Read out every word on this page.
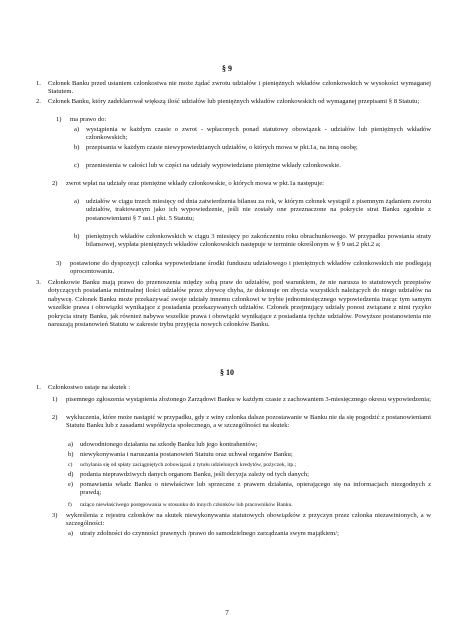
§ 9
1.	Członek Banku przed ustaniem członkostwa nie może żądać zwrotu udziałów i pieniężnych wkładów członkowskich w wysokości wymaganej Statutem.
2.	Członek Banku, który zadeklarował większą ilość udziałów lub pieniężnych wkładów członkowskich od wymaganej przepisami § 8 Statutu;
1)	ma prawo do:
a)	wystąpienia w każdym czasie o zwrot - wpłaconych ponad statutowy obowiązek - udziałów lub pieniężnych wkładów członkowskich;
b) przepisania w każdym czasie niewypowiedzianych udziałów, o których mowa w pkt.1a, na inną osobę;
c)	przeniesienia w całości lub w części na udziały wypowiedziane pieniężne wkłady członkowskie.
2)	zwrot wpłat na udziały oraz pieniężne wkłady członkowskie, o których mowa w pkt.1a następuje:
a)	udziałów w ciągu trzech miesięcy od dnia zatwierdzenia bilansu za rok, w którym członek wystąpił z pisemnym żądaniem zwrotu udziałów, traktowanym jako ich wypowiedzenie, jeśli nie zostały one przeznaczone na pokrycie strat Banku zgodnie z postanowieniami § 7 ust.1 pkt. 5 Statutu;
b) pieniężnych wkładów członkowskich w ciągu 3 miesięcy po zakończeniu roku obrachunkowego. W przypadku powstania straty bilansowej, wypłata pieniężnych wkładów członkowskich następuje w terminie określonym w § 9 ust.2 pkt.2 a;
3)	postawione do dyspozycji członka wypowiedziane środki funduszu udziałowego i pieniężnych wkładów członkowskich nie podlegają oprocentowaniu.
3.	Członkowie Banku mają prawo do przenoszenia między sobą praw do udziałów, pod warunkiem, że nie narusza to statutowych przepisów dotyczących posiadania minimalnej ilości udziałów przez zbywcę chyba, że dokonuje on zbycia wszystkich należących do niego udziałów na nabywcę. Członek Banku może przekazywać swoje udziały innemu członkowi w trybie jednomiesięcznego wypowiedzenia tracąc tym samym wszelkie prawa i obowiązki wynikające z posiadania przekazywanych udziałów. Członek przejmujący udziały ponosi związane z nimi ryzyko pokrycia straty Banku, jak również nabywa wszelkie prawa i obowiązki wynikające z posiadania tychże udziałów. Powyższe postanowienia nie naruszają postanowień Statutu w zakresie trybu przyjęcia nowych członków Banku.
§ 10
1.	Członkostwo ustaje na skutek :
1)	pisemnego zgłoszenia wystąpienia złożonego Zarządowi Banku w każdym czasie z zachowaniem 3-miesięcznego okresu wypowiedzenia;
2)	wykluczenia, które może nastąpić w przypadku, gdy z winy członka dalsze pozostawanie w Banku nie da się pogodzić z postanowieniami Statutu Banku lub z zasadami współżycia społecznego, a w szczególności na skutek:
a)	udowodnionego działania na szkodę Banku lub jego kontrahentów;
b) niewykonywania i naruszania postanowień Statutu oraz uchwał organów Banku;
c)	uchylania się od spłaty zaciągniętych zobowiązań z tytułu udzielonych kredytów, pożyczek, itp.;
d) podania nieprawdziwych danych organom Banku, jeśli decyzja zależy od tych danych;
e)	pomawiania władz Banku o niewłaściwe lub sprzeczne z prawem działania, opierającego się na informacjach niezgodnych z prawdą;
f)	rażąco niewłaściwego postępowania w stosunku do innych członków lub pracowników Banku.
3)	wykreślenia z rejestru członków na skutek niewykonywania statutowych obowiązków z przyczyn przez członka niezawinionych, a w szczególności:
a)	utraty zdolności do czynności prawnych /prawo do samodzielnego zarządzania swym majątkiem/;
7
